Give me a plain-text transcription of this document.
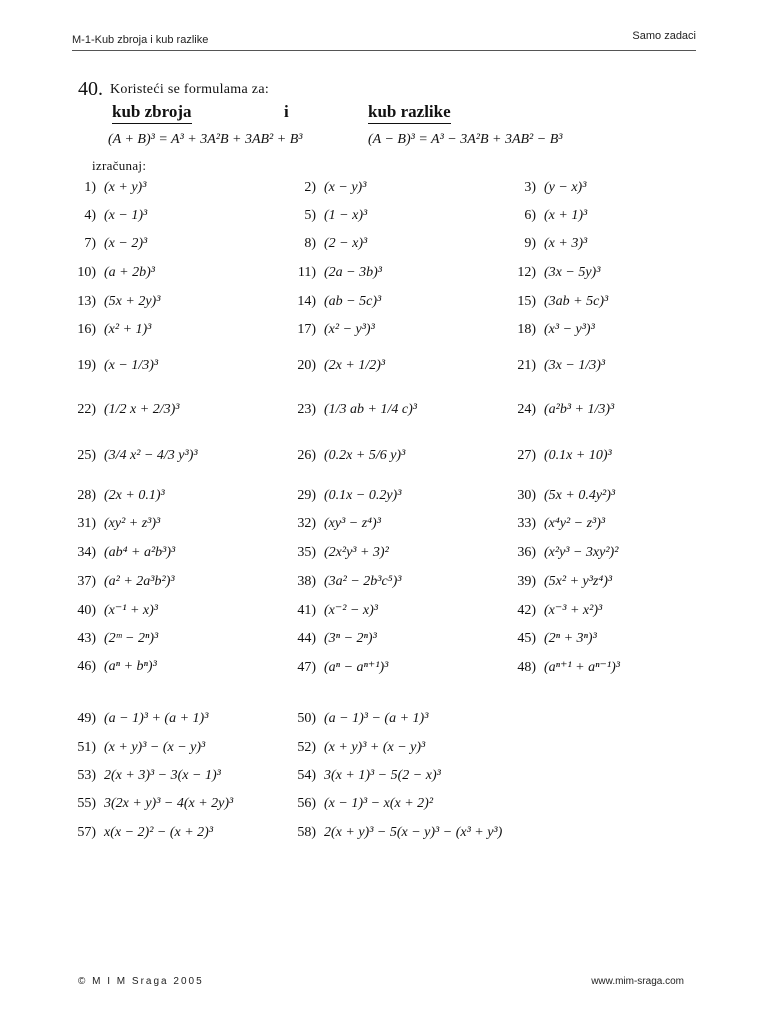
M-1-Kub zbroja i kub razlike	Samo zadaci
40. Koristeći se formulama za:
kub zbroja	i	kub razlike
(A + B)³ = A³ + 3A²B + 3AB² + B³	(A − B)³ = A³ − 3A²B + 3AB² − B³
izračunaj:
1) (x + y)³	2) (x − y)³	3) (y − x)³
4) (x − 1)³	5) (1 − x)³	6) (x + 1)³
7) (x − 2)³	8) (2 − x)³	9) (x + 3)³
10) (a + 2b)³	11) (2a − 3b)³	12) (3x − 5y)³
13) (5x + 2y)³	14) (ab − 5c)³	15) (3ab + 5c)³
16) (x² + 1)³	17) (x² − y³)³	18) (x³ − y³)³
19) (x − 1/3)³	20) (2x + 1/2)³	21) (3x − 1/3)³
22) (1/2 x + 2/3)³	23) (1/3 ab + 1/4 c)³	24) (a²b³ + 1/3)³
25) (3/4 x² − 4/3 y³)³	26) (0.2x + 5/6 y)³	27) (0.1x + 10)³
28) (2x + 0.1)³	29) (0.1x − 0.2y)³	30) (5x + 0.4y²)³
31) (xy² + z³)³	32) (xy³ − z⁴)³	33) (x⁴y² − z³)³
34) (ab⁴ + a²b³)³	35) (2x²y³ + 3)²	36) (x²y³ − 3xy²)²
37) (a² + 2a³b²)³	38) (3a² − 2b³c⁵)³	39) (5x² + y³z⁴)³
40) (x⁻¹ + x)³	41) (x⁻² − x)³	42) (x⁻³ + x²)³
43) (2ᵐ − 2ⁿ)³	44) (3ⁿ − 2ⁿ)³	45) (2ⁿ + 3ⁿ)³
46) (aⁿ + bⁿ)³	47) (aⁿ − aⁿ⁺¹)³	48) (aⁿ⁺¹ + aⁿ⁻¹)³
49) (a − 1)³ + (a + 1)³	50) (a − 1)³ − (a + 1)³
51) (x + y)³ − (x − y)³	52) (x + y)³ + (x − y)³
53) 2(x + 3)³ − 3(x − 1)³	54) 3(x + 1)³ − 5(2 − x)³
55) 3(2x + y)³ − 4(x + 2y)³	56) (x − 1)³ − x(x + 2)²
57) x(x − 2)² − (x + 2)³	58) 2(x + y)³ − 5(x − y)³ − (x³ + y³)
© M I M Sraga 2005	www.mim-sraga.com
